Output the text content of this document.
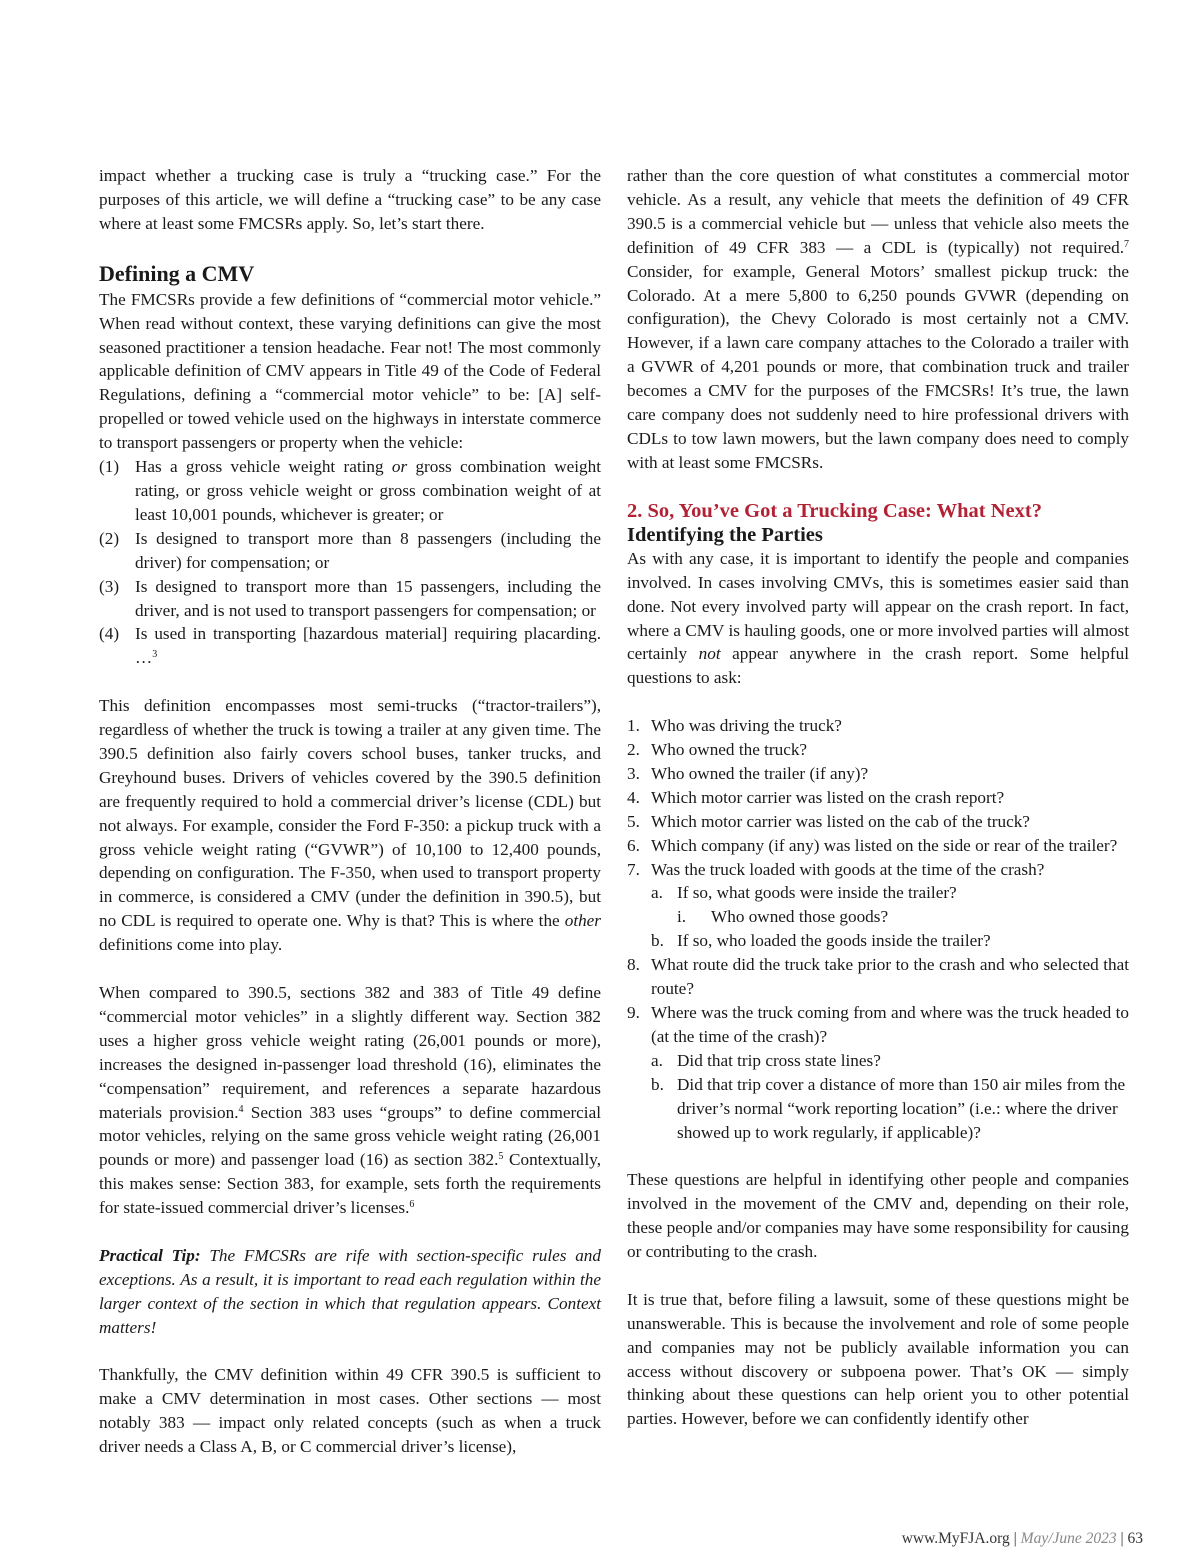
impact whether a trucking case is truly a “trucking case.” For the purposes of this article, we will define a “trucking case” to be any case where at least some FMCSRs apply. So, let’s start there.

Defining a CMV

The FMCSRs provide a few definitions of “commercial motor vehicle.” When read without context, these varying definitions can give the most seasoned practitioner a tension headache. Fear not! The most commonly applicable definition of CMV appears in Title 49 of the Code of Federal Regulations, defining a “commercial motor vehicle” to be: [A] self-propelled or towed vehicle used on the highways in interstate commerce to transport passengers or property when the vehicle:

(1) Has a gross vehicle weight rating or gross combination weight rating, or gross vehicle weight or gross combination weight of at least 10,001 pounds, whichever is greater; or
(2) Is designed to transport more than 8 passengers (including the driver) for compensation; or
(3) Is designed to transport more than 15 passengers, including the driver, and is not used to transport passengers for compensation; or
(4) Is used in transporting [hazardous material] requiring placarding. …$^3$

This definition encompasses most semi-trucks (“tractor-trailers”), regardless of whether the truck is towing a trailer at any given time. The 390.5 definition also fairly covers school buses, tanker trucks, and Greyhound buses. Drivers of vehicles covered by the 390.5 definition are frequently required to hold a commercial driver’s license (CDL) but not always. For example, consider the Ford F-350: a pickup truck with a gross vehicle weight rating (“GVWR”) of 10,100 to 12,400 pounds, depending on configuration. The F-350, when used to transport property in commerce, is considered a CMV (under the definition in 390.5), but no CDL is required to operate one. Why is that? This is where the other definitions come into play.

When compared to 390.5, sections 382 and 383 of Title 49 define “commercial motor vehicles” in a slightly different way. Section 382 uses a higher gross vehicle weight rating (26,001 pounds or more), increases the designed in-passenger load threshold (16), eliminates the “compensation” requirement, and references a separate hazardous materials provision.$^4$ Section 383 uses “groups” to define commercial motor vehicles, relying on the same gross vehicle weight rating (26,001 pounds or more) and passenger load (16) as section 382.$^5$ Contextually, this makes sense: Section 383, for example, sets forth the requirements for state-issued commercial driver’s licenses.$^6$

Practical Tip: The FMCSRs are rife with section-specific rules and exceptions. As a result, it is important to read each regulation within the larger context of the section in which that regulation appears. Context matters!

Thankfully, the CMV definition within 49 CFR 390.5 is sufficient to make a CMV determination in most cases. Other sections — most notably 383 — impact only related concepts (such as when a truck driver needs a Class A, B, or C commercial driver’s license),

rather than the core question of what constitutes a commercial motor vehicle. As a result, any vehicle that meets the definition of 49 CFR 390.5 is a commercial vehicle but — unless that vehicle also meets the definition of 49 CFR 383 — a CDL is (typically) not required.$^7$ Consider, for example, General Motors’ smallest pickup truck: the Colorado. At a mere 5,800 to 6,250 pounds GVWR (depending on configuration), the Chevy Colorado is most certainly not a CMV. However, if a lawn care company attaches to the Colorado a trailer with a GVWR of 4,201 pounds or more, that combination truck and trailer becomes a CMV for the purposes of the FMCSRs! It’s true, the lawn care company does not suddenly need to hire professional drivers with CDLs to tow lawn mowers, but the lawn company does need to comply with at least some FMCSRs.

2. So, You’ve Got a Trucking Case: What Next?
Identifying the Parties

As with any case, it is important to identify the people and companies involved. In cases involving CMVs, this is sometimes easier said than done. Not every involved party will appear on the crash report. In fact, where a CMV is hauling goods, one or more involved parties will almost certainly not appear anywhere in the crash report. Some helpful questions to ask:

1. Who was driving the truck?
2. Who owned the truck?
3. Who owned the trailer (if any)?
4. Which motor carrier was listed on the crash report?
5. Which motor carrier was listed on the cab of the truck?
6. Which company (if any) was listed on the side or rear of the trailer?
7. Was the truck loaded with goods at the time of the crash?
a. If so, what goods were inside the trailer?
i. Who owned those goods?
b. If so, who loaded the goods inside the trailer?
8. What route did the truck take prior to the crash and who selected that route?
9. Where was the truck coming from and where was the truck headed to (at the time of the crash)?
a. Did that trip cross state lines?
b. Did that trip cover a distance of more than 150 air miles from the driver’s normal “work reporting location” (i.e.: where the driver showed up to work regularly, if applicable)?

These questions are helpful in identifying other people and companies involved in the movement of the CMV and, depending on their role, these people and/or companies may have some responsibility for causing or contributing to the crash.

It is true that, before filing a lawsuit, some of these questions might be unanswerable. This is because the involvement and role of some people and companies may not be publicly available information you can access without discovery or subpoena power. That’s OK — simply thinking about these questions can help orient you to other potential parties. However, before we can confidently identify other

www.MyFJA.org | May/June 2023 | 63
